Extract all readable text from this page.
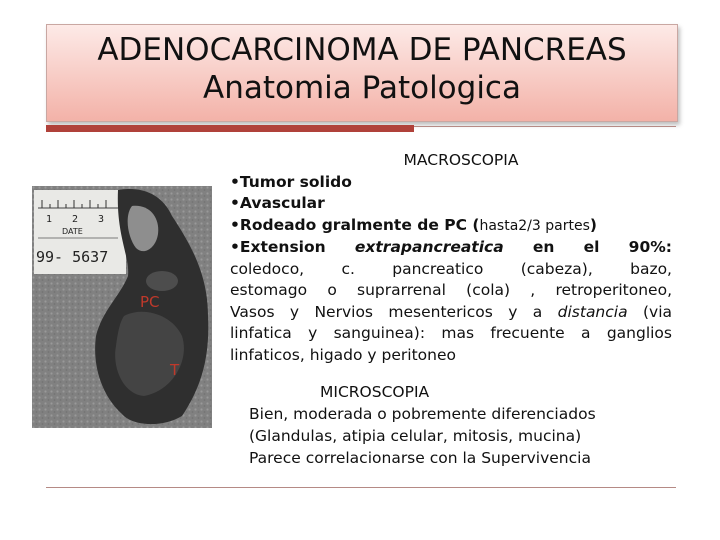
ADENOCARCINOMA DE PANCREAS
Anatomia Patologica
1 2 3
DATE
99- 5637
PC
T
MACROSCOPIA
•Tumor solido
•Avascular
•Rodeado gralmente de PC (hasta2/3 partes)
•Extension extrapancreatica en el 90%:
coledoco, c. pancreatico (cabeza), bazo,
estomago o suprarrenal (cola) , retroperitoneo,
Vasos y Nervios mesentericos y a distancia (via
linfatica y sanguinea): mas frecuente a ganglios
linfaticos, higado y peritoneo
MICROSCOPIA
Bien, moderada o pobremente diferenciados
(Glandulas, atipia celular, mitosis, mucina)
Parece correlacionarse con la Supervivencia
